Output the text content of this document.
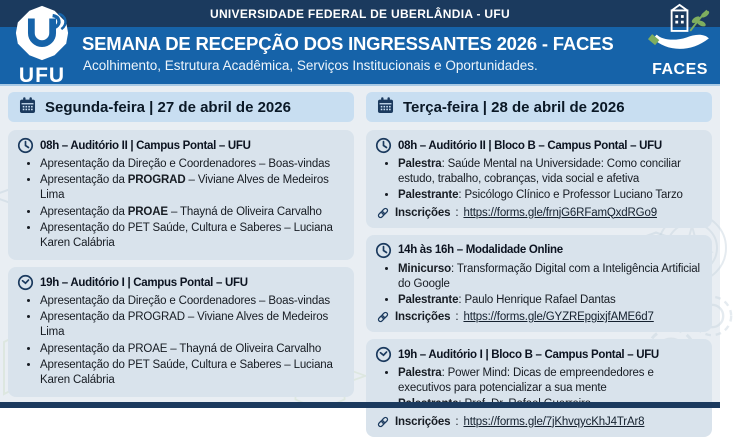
UNIVERSIDADE FEDERAL DE UBERLÂNDIA - UFU
SEMANA DE RECEPÇÃO DOS INGRESSANTES 2026 - FACES
Acolhimento, Estrutura Acadêmica, Serviços Institucionais e Oportunidades.
UFU	FACES
Segunda-feira | 27 de abril de 2026
08h – Auditório II | Campus Pontal – UFU
• Apresentação da Direção e Coordenadores – Boas-vindas
• Apresentação da PROGRAD – Viviane Alves de Medeiros Lima
• Apresentação da PROAE – Thayná de Oliveira Carvalho
• Apresentação do PET Saúde, Cultura e Saberes – Luciana Karen Calábria
19h – Auditório I | Campus Pontal – UFU
• Apresentação da Direção e Coordenadores – Boas-vindas
• Apresentação da PROGRAD – Viviane Alves de Medeiros Lima
• Apresentação da PROAE – Thayná de Oliveira Carvalho
• Apresentação do PET Saúde, Cultura e Saberes – Luciana Karen Calábria
Terça-feira | 28 de abril de 2026
08h – Auditório II | Bloco B – Campus Pontal – UFU
• Palestra: Saúde Mental na Universidade: Como conciliar estudo, trabalho, cobranças, vida social e afetiva
• Palestrante: Psicólogo Clínico e Professor Luciano Tarzo
Inscrições : https://forms.gle/frnjG6RFamQxdRGo9
14h às 16h – Modalidade Online
• Minicurso: Transformação Digital com a Inteligência Artificial do Google
• Palestrante: Paulo Henrique Rafael Dantas
Inscrições : https://forms.gle/GYZREpgixjfAME6d7
19h – Auditório I | Bloco B – Campus Pontal – UFU
• Palestra: Power Mind: Dicas de empreendedores e executivos para potencializar a sua mente
•
Inscrições : https://forms.gle/7jKhvqycKhJ4TrAr8
